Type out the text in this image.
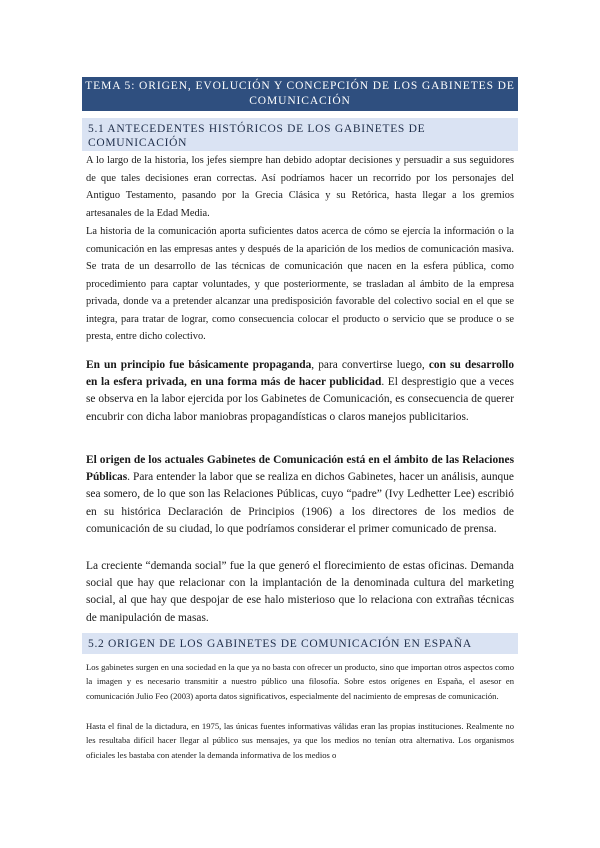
TEMA 5: ORIGEN, EVOLUCIÓN Y CONCEPCIÓN DE LOS GABINETES DE COMUNICACIÓN
5.1 ANTECEDENTES HISTÓRICOS DE LOS GABINETES DE COMUNICACIÓN

A lo largo de la historia, los jefes siempre han debido adoptar decisiones y persuadir a sus seguidores de que tales decisiones eran correctas. Así podríamos hacer un recorrido por los personajes del Antiguo Testamento, pasando por la Grecia Clásica y su Retórica, hasta llegar a los gremios artesanales de la Edad Media.

La historia de la comunicación aporta suficientes datos acerca de cómo se ejercía la información o la comunicación en las empresas antes y después de la aparición de los medios de comunicación masiva. Se trata de un desarrollo de las técnicas de comunicación que nacen en la esfera pública, como procedimiento para captar voluntades, y que posteriormente, se trasladan al ámbito de la empresa privada, donde va a pretender alcanzar una predisposición favorable del colectivo social en el que se integra, para tratar de lograr, como consecuencia colocar el producto o servicio que se produce o se presta, entre dicho colectivo.

En un principio fue básicamente propaganda, para convertirse luego, con su desarrollo en la esfera privada, en una forma más de hacer publicidad. El desprestigio que a veces se observa en la labor ejercida por los Gabinetes de Comunicación, es consecuencia de querer encubrir con dicha labor maniobras propagandísticas o claros manejos publicitarios.

El origen de los actuales Gabinetes de Comunicación está en el ámbito de las Relaciones Públicas. Para entender la labor que se realiza en dichos Gabinetes, hacer un análisis, aunque sea somero, de lo que son las Relaciones Públicas, cuyo “padre” (Ivy Ledhetter Lee) escribió en su histórica Declaración de Principios (1906) a los directores de los medios de comunicación de su ciudad, lo que podríamos considerar el primer comunicado de prensa.

La creciente “demanda social” fue la que generó el florecimiento de estas oficinas. Demanda social que hay que relacionar con la implantación de la denominada cultura del marketing social, al que hay que despojar de ese halo misterioso que lo relaciona con extrañas técnicas de manipulación de masas.

5.2 ORIGEN DE LOS GABINETES DE COMUNICACIÓN EN ESPAÑA

Los gabinetes surgen en una sociedad en la que ya no basta con ofrecer un producto, sino que importan otros aspectos como la imagen y es necesario transmitir a nuestro público una filosofía. Sobre estos orígenes en España, el asesor en comunicación Julio Feo (2003) aporta datos significativos, especialmente del nacimiento de empresas de comunicación.

Hasta el final de la dictadura, en 1975, las únicas fuentes informativas válidas eran las propias instituciones. Realmente no les resultaba difícil hacer llegar al público sus mensajes, ya que los medios no tenían otra alternativa. Los organismos oficiales les bastaba con atender la demanda informativa de los medios o
